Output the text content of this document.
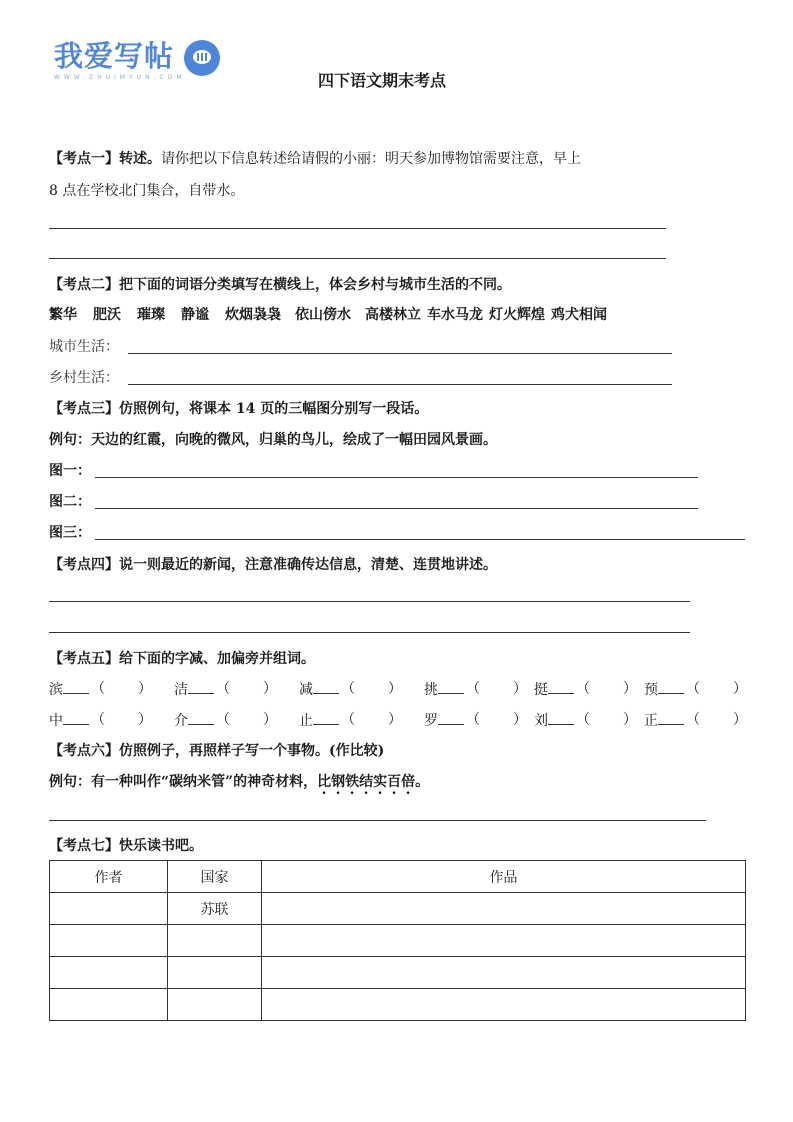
我爱写帖
WWW.ZHUIMYUN.COM	四下语文期末考点
【考点一】转述。请你把以下信息转述给请假的小丽：明天参加博物馆需要注意，早上
8 点在学校北门集合，自带水。
【考点二】把下面的词语分类填写在横线上，体会乡村与城市生活的不同。
繁华 肥沃 璀璨 静谧 炊烟袅袅 依山傍水 高楼林立 车水马龙 灯火辉煌 鸡犬相闻
城市生活：
乡村生活：
【考点三】仿照例句，将课本 14 页的三幅图分别写一段话。
例句：天边的红霞，向晚的微风，归巢的鸟儿，绘成了一幅田园风景画。
图一：
图二：
图三：
【考点四】说一则最近的新闻，注意准确传达信息，清楚、连贯地讲述。
【考点五】给下面的字减、加偏旁并组词。
滨	（ ） 洁	（ ） 减	（ ） 挑	（ ） 挺	（ ） 预	（ ）
中	（ ） 介	（ ） 止	（ ） 罗	（ ） 刘	（ ） 正	（ ）
【考点六】仿照例子，再照样子写一个事物。(作比较)
例句：有一种叫作“碳纳米管”的神奇材料，比钢铁结实百倍。
【考点七】快乐读书吧。
作者	国家	作品
	苏联	
